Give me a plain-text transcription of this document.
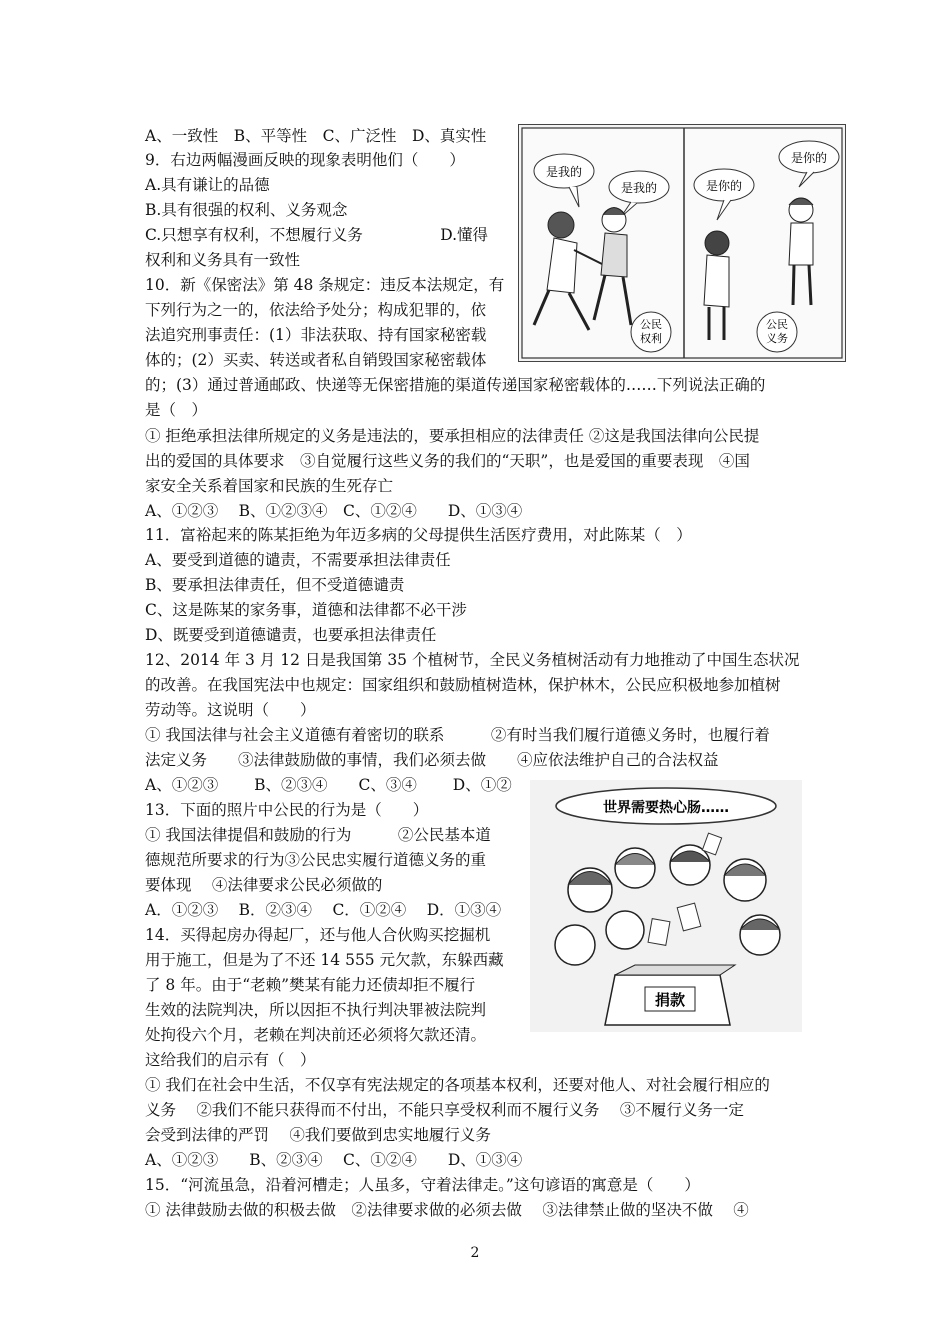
A、一致性　B、平等性　C、广泛性　D、真实性
9．右边两幅漫画反映的现象表明他们（　　）
A.具有谦让的品德
B.具有很强的权利、义务观念
C.只想享有权利，不想履行义务　　　　　D.懂得
权利和义务具有一致性
10．新《保密法》第 48 条规定：违反本法规定，有
下列行为之一的，依法给予处分；构成犯罪的，依
法追究刑事责任：(1）非法获取、持有国家秘密载
体的；(2）买卖、转送或者私自销毁国家秘密载体
的；(3）通过普通邮政、快递等无保密措施的渠道传递国家秘密载体的……下列说法正确的
是（　）
① 拒绝承担法律所规定的义务是违法的，要承担相应的法律责任 ②这是我国法律向公民提
出的爱国的具体要求　③自觉履行这些义务的我们的“天职”，也是爱国的重要表现　④国
家安全关系着国家和民族的生死存亡
A、①②③　 B、①②③④　C、①②④　　D、①③④
11．富裕起来的陈某拒绝为年迈多病的父母提供生活医疗费用，对此陈某（　）
A、要受到道德的谴责，不需要承担法律责任
B、要承担法律责任，但不受道德谴责
C、这是陈某的家务事，道德和法律都不必干涉
D、既要受到道德谴责，也要承担法律责任
12、2014 年 3 月 12 日是我国第 35 个植树节，全民义务植树活动有力地推动了中国生态状况
的改善。在我国宪法中也规定：国家组织和鼓励植树造林，保护林木，公民应积极地参加植树
劳动等。这说明（　　）
① 我国法律与社会主义道德有着密切的联系　　　②有时当我们履行道德义务时，也履行着
法定义务　　③法律鼓励做的事情，我们必须去做　　④应依法维护自己的合法权益
A、①②③　　 B、②③④　　C、③④　　 D、①②
13．下面的照片中公民的行为是（　　）
① 我国法律提倡和鼓励的行为　　　②公民基本道
德规范所要求的行为③公民忠实履行道德义务的重
要体现　 ④法律要求公民必须做的
A．①②③　 B．②③④　 C．①②④　 D．①③④
14．买得起房办得起厂，还与他人合伙购买挖掘机
用于施工，但是为了不还 14 555 元欠款，东躲西藏
了 8 年。由于“老赖”樊某有能力还债却拒不履行
生效的法院判决，所以因拒不执行判决罪被法院判
处拘役六个月，老赖在判决前还必须将欠款还清。
这给我们的启示有（　）
① 我们在社会中生活，不仅享有宪法规定的各项基本权利，还要对他人、对社会履行相应的
义务　 ②我们不能只获得而不付出，不能只享受权利而不履行义务　 ③不履行义务一定
会受到法律的严罚　 ④我们要做到忠实地履行义务
A、①②③　　B、②③④　 C、①②④　　D、①③④
15．“河流虽急，沿着河槽走；人虽多，守着法律走。”这句谚语的寓意是（　　）
① 法律鼓励去做的积极去做　②法律要求做的必须去做　 ③法律禁止做的坚决不做　 ④
是我的
是我的
公民
权利
是你的
是你的
公民
义务
世界需要热心肠……
捐款
2
